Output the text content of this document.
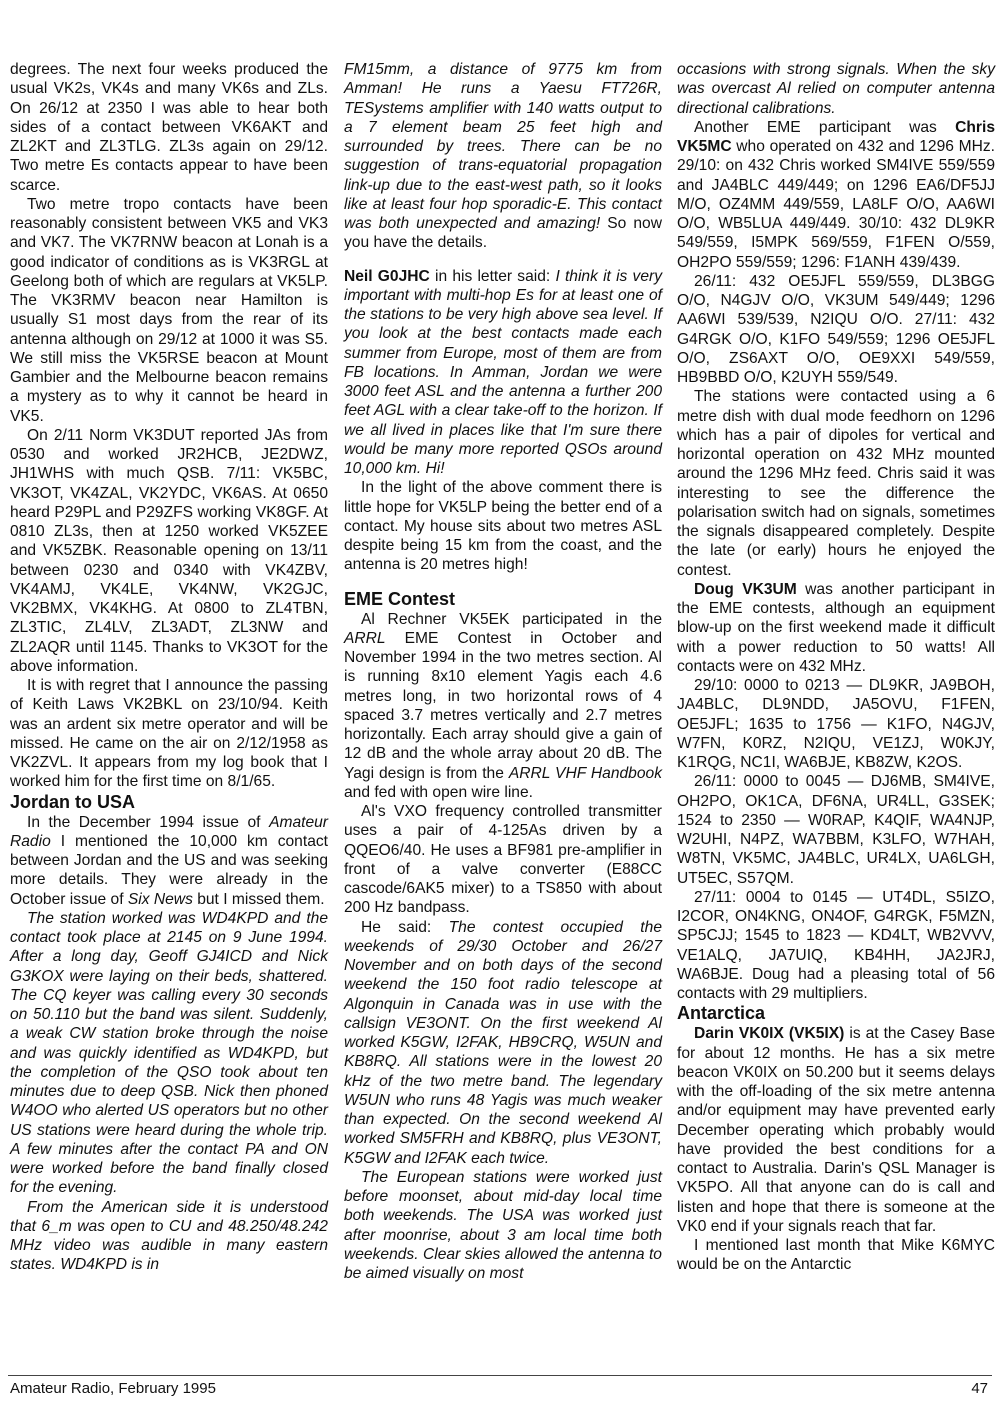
degrees. The next four weeks produced the usual VK2s, VK4s and many VK6s and ZLs. On 26/12 at 2350 I was able to hear both sides of a contact between VK6AKT and ZL2KT and ZL3TLG. ZL3s again on 29/12. Two metre Es contacts appear to have been scarce.

Two metre tropo contacts have been reasonably consistent between VK5 and VK3 and VK7. The VK7RNW beacon at Lonah is a good indicator of conditions as is VK3RGL at Geelong both of which are regulars at VK5LP. The VK3RMV beacon near Hamilton is usually S1 most days from the rear of its antenna although on 29/12 at 1000 it was S5. We still miss the VK5RSE beacon at Mount Gambier and the Melbourne beacon remains a mystery as to why it cannot be heard in VK5.

On 2/11 Norm VK3DUT reported JAs from 0530 and worked JR2HCB, JE2DWZ, JH1WHS with much QSB. 7/11: VK5BC, VK3OT, VK4ZAL, VK2YDC, VK6AS. At 0650 heard P29PL and P29ZFS working VK8GF. At 0810 ZL3s, then at 1250 worked VK5ZEE and VK5ZBK. Reasonable opening on 13/11 between 0230 and 0340 with VK4ZBV, VK4AMJ, VK4LE, VK4NW, VK2GJC, VK2BMX, VK4KHG. At 0800 to ZL4TBN, ZL3TIC, ZL4LV, ZL3ADT, ZL3NW and ZL2AQR until 1145. Thanks to VK3OT for the above information.

It is with regret that I announce the passing of Keith Laws VK2BKL on 23/10/94. Keith was an ardent six metre operator and will be missed. He came on the air on 2/12/1958 as VK2ZVL. It appears from my log book that I worked him for the first time on 8/1/65.

Jordan to USA

In the December 1994 issue of Amateur Radio I mentioned the 10,000 km contact between Jordan and the US and was seeking more details. They were already in the October issue of Six News but I missed them.

The station worked was WD4KPD and the contact took place at 2145 on 9 June 1994. After a long day, Geoff GJ4ICD and Nick G3KOX were laying on their beds, shattered. The CQ keyer was calling every 30 seconds on 50.110 but the band was silent. Suddenly, a weak CW station broke through the noise and was quickly identified as WD4KPD, but the completion of the QSO took about ten minutes due to deep QSB. Nick then phoned W4OO who alerted US operators but no other US stations were heard during the whole trip. A few minutes after the contact PA and ON were worked before the band finally closed for the evening.

From the American side it is understood that 6_m was open to CU and 48.250/48.242 MHz video was audible in many eastern states. WD4KPD is in

FM15mm, a distance of 9775 km from Amman! He runs a Yaesu FT726R, TESystems amplifier with 140 watts output to a 7 element beam 25 feet high and surrounded by trees. There can be no suggestion of trans-equatorial propagation link-up due to the east-west path, so it looks like at least four hop sporadic-E. This contact was both unexpected and amazing! So now you have the details.

Neil G0JHC in his letter said: I think it is very important with multi-hop Es for at least one of the stations to be very high above sea level. If you look at the best contacts made each summer from Europe, most of them are from FB locations. In Amman, Jordan we were 3000 feet ASL and the antenna a further 200 feet AGL with a clear take-off to the horizon. If we all lived in places like that I'm sure there would be many more reported QSOs around 10,000 km. Hi!

In the light of the above comment there is little hope for VK5LP being the better end of a contact. My house sits about two metres ASL despite being 15 km from the coast, and the antenna is 20 metres high!

EME Contest

Al Rechner VK5EK participated in the ARRL EME Contest in October and November 1994 in the two metres section. Al is running 8x10 element Yagis each 4.6 metres long, in two horizontal rows of 4 spaced 3.7 metres vertically and 2.7 metres horizontally. Each array should give a gain of 12 dB and the whole array about 20 dB. The Yagi design is from the ARRL VHF Handbook and fed with open wire line.

Al's VXO frequency controlled transmitter uses a pair of 4-125As driven by a QQEO6/40. He uses a BF981 pre-amplifier in front of a valve converter (E88CC cascode/6AK5 mixer) to a TS850 with about 200 Hz bandpass.

He said: The contest occupied the weekends of 29/30 October and 26/27 November and on both days of the second weekend the 150 foot radio telescope at Algonquin in Canada was in use with the callsign VE3ONT. On the first weekend Al worked K5GW, I2FAK, HB9CRQ, W5UN and KB8RQ. All stations were in the lowest 20 kHz of the two metre band. The legendary W5UN who runs 48 Yagis was much weaker than expected. On the second weekend Al worked SM5FRH and KB8RQ, plus VE3ONT, K5GW and I2FAK each twice.

The European stations were worked just before moonset, about mid-day local time both weekends. The USA was worked just after moonrise, about 3 am local time both weekends. Clear skies allowed the antenna to be aimed visually on most

occasions with strong signals. When the sky was overcast Al relied on computer antenna directional calibrations.

Another EME participant was Chris VK5MC who operated on 432 and 1296 MHz. 29/10: on 432 Chris worked SM4IVE 559/559 and JA4BLC 449/449; on 1296 EA6/DF5JJ M/O, OZ4MM 449/559, LA8LF O/O, AA6WI O/O, WB5LUA 449/449. 30/10: 432 DL9KR 549/559, I5MPK 569/559, F1FEN O/559, OH2PO 559/559; 1296: F1ANH 439/439.

26/11: 432 OE5JFL 559/559, DL3BGG O/O, N4GJV O/O, VK3UM 549/449; 1296 AA6WI 539/539, N2IQU O/O. 27/11: 432 G4RGK O/O, K1FO 549/559; 1296 OE5JFL O/O, ZS6AXT O/O, OE9XXI 549/559, HB9BBD O/O, K2UYH 559/549.

The stations were contacted using a 6 metre dish with dual mode feedhorn on 1296 which has a pair of dipoles for vertical and horizontal operation on 432 MHz mounted around the 1296 MHz feed. Chris said it was interesting to see the difference the polarisation switch had on signals, sometimes the signals disappeared completely. Despite the late (or early) hours he enjoyed the contest.

Doug VK3UM was another participant in the EME contests, although an equipment blow-up on the first weekend made it difficult with a power reduction to 50 watts! All contacts were on 432 MHz.

29/10: 0000 to 0213 — DL9KR, JA9BOH, JA4BLC, DL9NDD, JA5OVU, F1FEN, OE5JFL; 1635 to 1756 — K1FO, N4GJV, W7FN, K0RZ, N2IQU, VE1ZJ, W0KJY, K1RQG, NC1I, WA6BJE, KB8ZW, K2OS.

26/11: 0000 to 0045 — DJ6MB, SM4IVE, OH2PO, OK1CA, DF6NA, UR4LL, G3SEK; 1524 to 2350 — W0RAP, K4QIF, WA4NJP, W2UHI, N4PZ, WA7BBM, K3LFO, W7HAH, W8TN, VK5MC, JA4BLC, UR4LX, UA6LGH, UT5EC, S57QM.

27/11: 0004 to 0145 — UT4DL, S5IZO, I2COR, ON4KNG, ON4OF, G4RGK, F5MZN, SP5CJJ; 1545 to 1823 — KD4LT, WB2VVV, VE1ALQ, JA7UIQ, KB4HH, JA2JRJ, WA6BJE. Doug had a pleasing total of 56 contacts with 29 multipliers.

Antarctica

Darin VK0IX (VK5IX) is at the Casey Base for about 12 months. He has a six metre beacon VK0IX on 50.200 but it seems delays with the off-loading of the six metre antenna and/or equipment may have prevented early December operating which probably would have provided the best conditions for a contact to Australia. Darin's QSL Manager is VK5PO. All that anyone can do is call and listen and hope that there is someone at the VK0 end if your signals reach that far.

I mentioned last month that Mike K6MYC would be on the Antarctic

Amateur Radio, February 1995	47
